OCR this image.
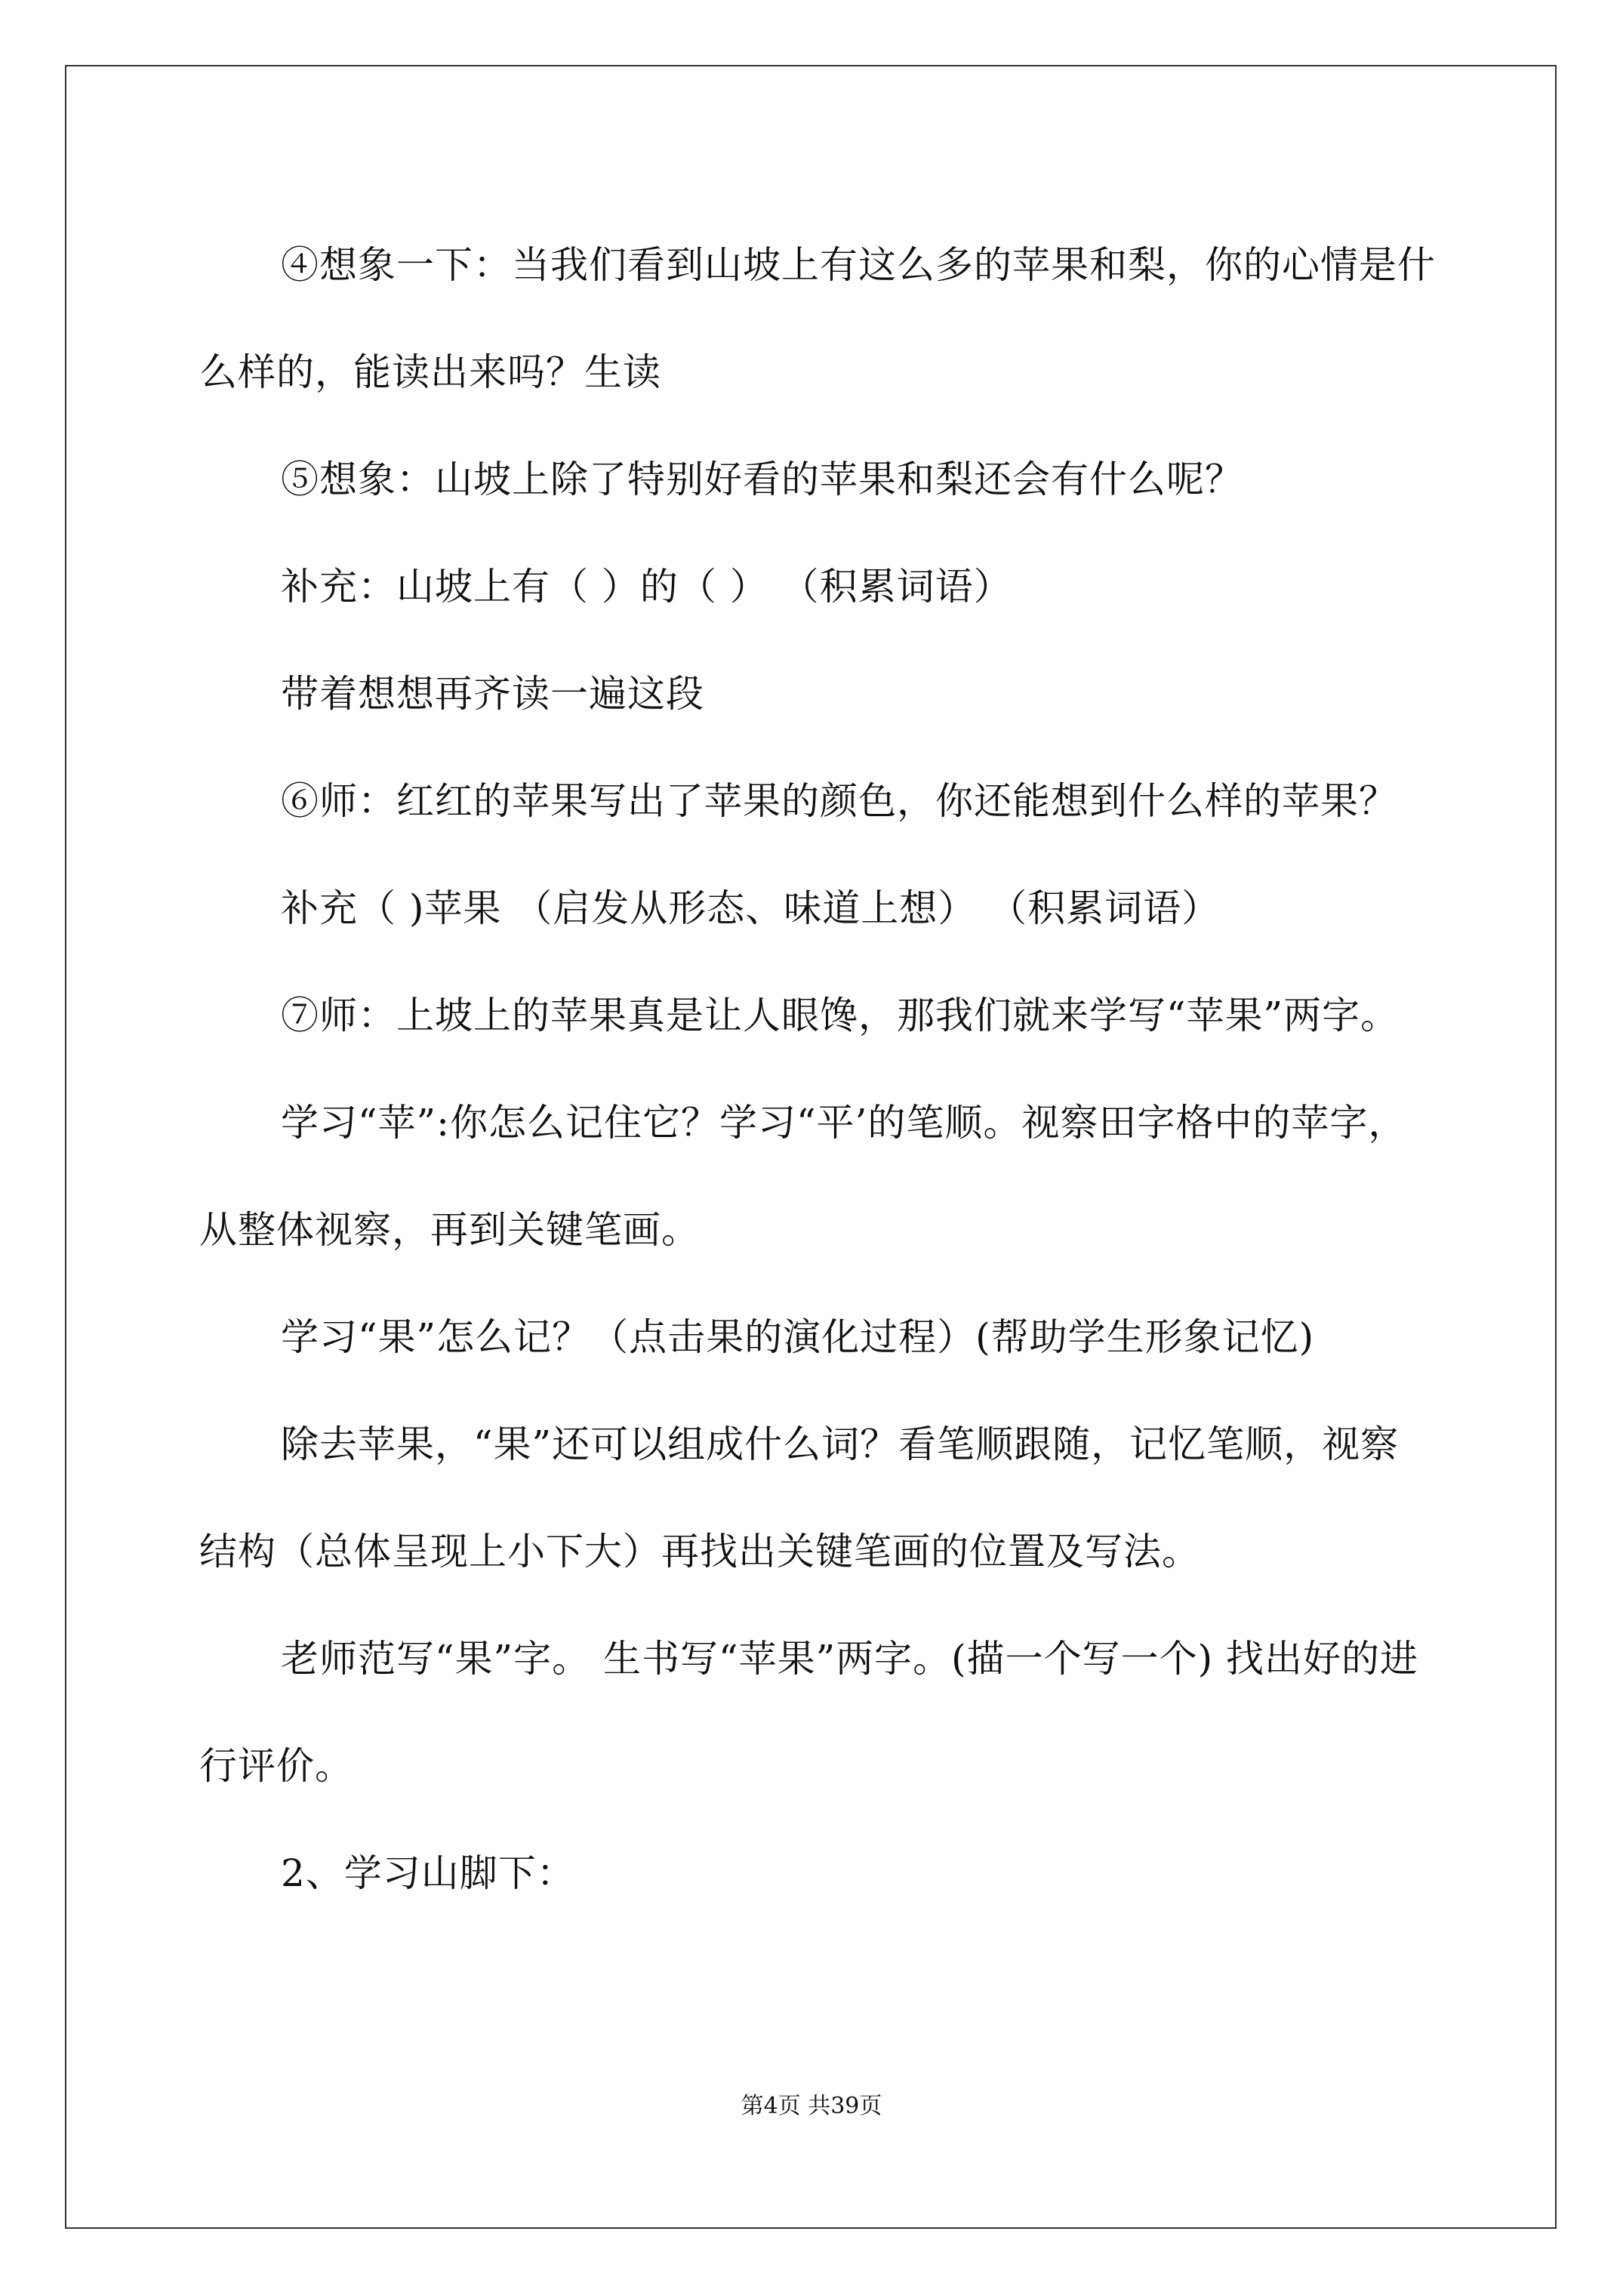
④想象一下：当我们看到山坡上有这么多的苹果和梨，你的心情是什么样的，能读出来吗？生读

⑤想象：山坡上除了特别好看的苹果和梨还会有什么呢？

补充：山坡上有（ ）的（ ） （积累词语）

带着想想再齐读一遍这段

⑥师：红红的苹果写出了苹果的颜色，你还能想到什么样的苹果？

补充（ )苹果 （启发从形态、味道上想） （积累词语）

⑦师：上坡上的苹果真是让人眼馋，那我们就来学写“苹果”两字。

学习“苹”:你怎么记住它？学习“平’的笔顺。视察田字格中的苹字，从整体视察，再到关键笔画。

学习“果”怎么记？（点击果的演化过程）(帮助学生形象记忆)

除去苹果，“果”还可以组成什么词？看笔顺跟随，记忆笔顺，视察结构（总体呈现上小下大）再找出关键笔画的位置及写法。

老师范写“果”字。 生书写“苹果”两字。(描一个写一个) 找出好的进行评价。

2、学习山脚下：

第4页 共39页
